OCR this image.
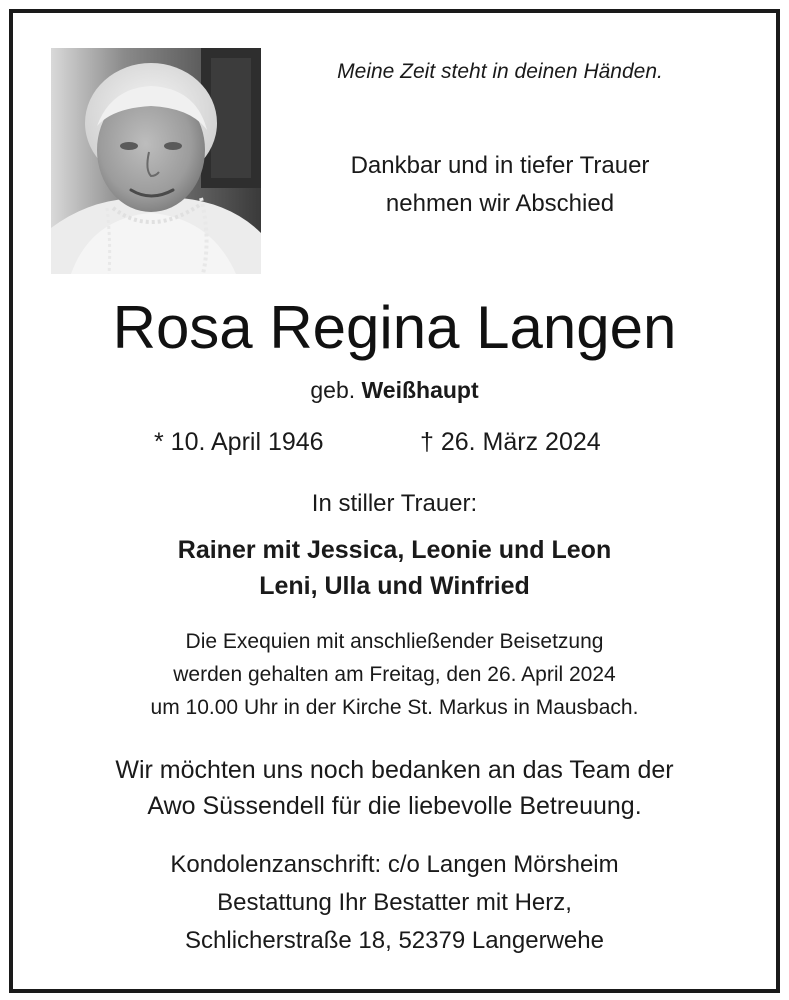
Meine Zeit steht in deinen Händen.
Dankbar und in tiefer Trauer
nehmen wir Abschied
Rosa Regina Langen
geb. Weißhaupt
* 10. April 1946	† 26. März 2024
In stiller Trauer:
Rainer mit Jessica, Leonie und Leon
Leni, Ulla und Winfried
Die Exequien mit anschließender Beisetzung
werden gehalten am Freitag, den 26. April 2024
um 10.00 Uhr in der Kirche St. Markus in Mausbach.
Wir möchten uns noch bedanken an das Team der
Awo Süssendell für die liebevolle Betreuung.
Kondolenzanschrift: c/o Langen Mörsheim
Bestattung Ihr Bestatter mit Herz,
Schlicherstraße 18, 52379 Langerwehe
